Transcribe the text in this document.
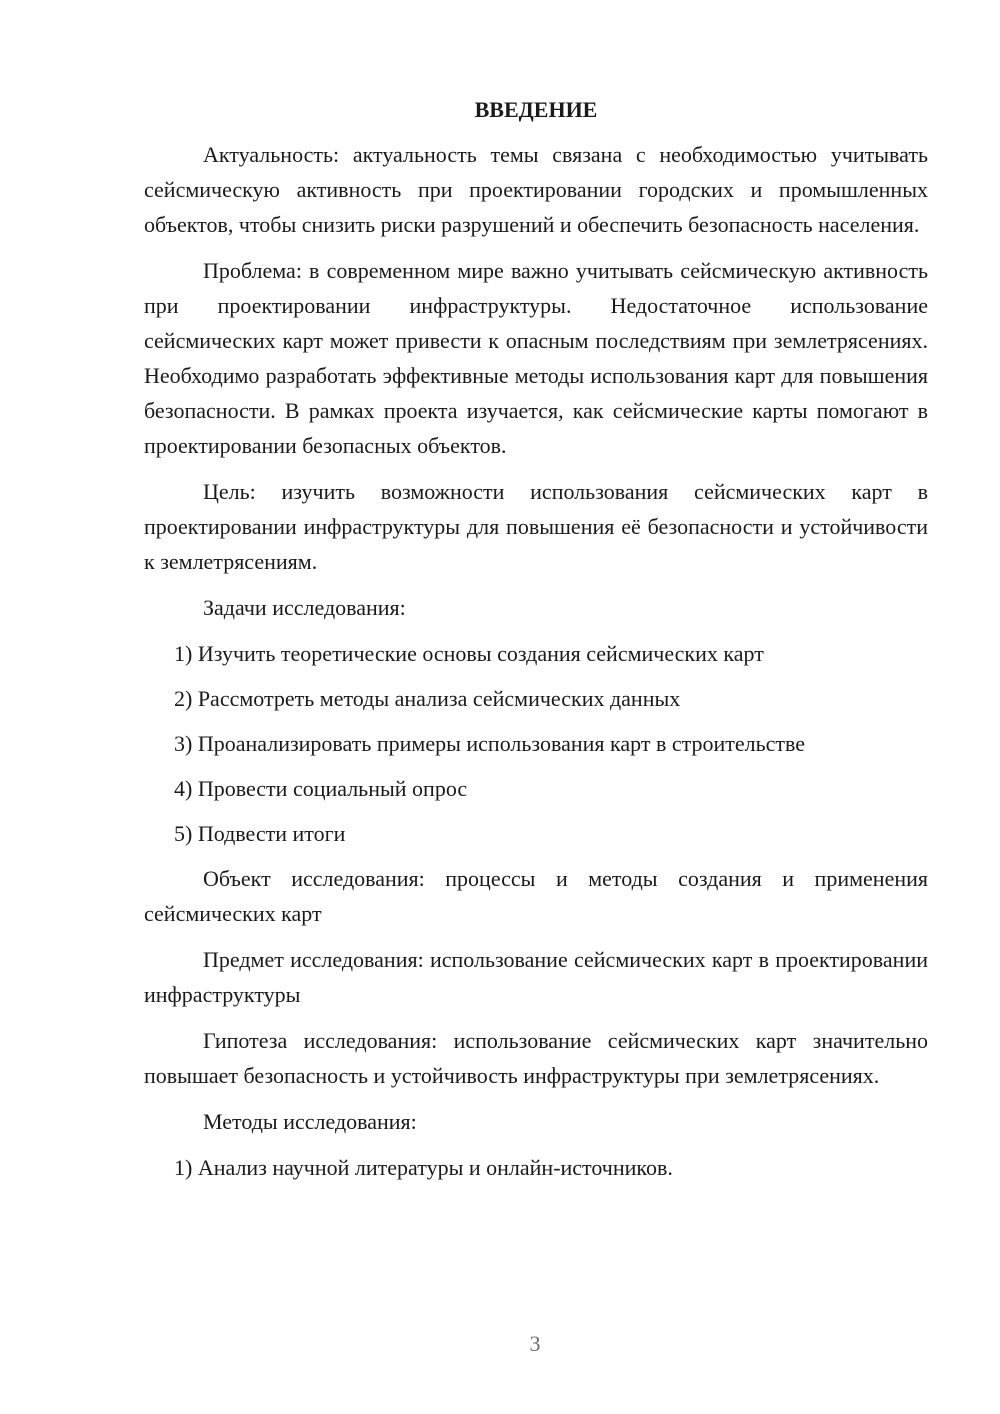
ВВЕДЕНИЕ

Актуальность: актуальность темы связана с необходимостью учитывать сейсмическую активность при проектировании городских и промышленных объектов, чтобы снизить риски разрушений и обеспечить безопасность населения.

Проблема: в современном мире важно учитывать сейсмическую активность при проектировании инфраструктуры. Недостаточное использование сейсмических карт может привести к опасным последствиям при землетрясениях. Необходимо разработать эффективные методы использования карт для повышения безопасности. В рамках проекта изучается, как сейсмические карты помогают в проектировании безопасных объектов.

Цель: изучить возможности использования сейсмических карт в проектировании инфраструктуры для повышения её безопасности и устойчивости к землетрясениям.

Задачи исследования:

1) Изучить теоретические основы создания сейсмических карт
2) Рассмотреть методы анализа сейсмических данных
3) Проанализировать примеры использования карт в строительстве
4) Провести социальный опрос
5) Подвести итоги

Объект исследования: процессы и методы создания и применения сейсмических карт

Предмет исследования: использование сейсмических карт в проектировании инфраструктуры

Гипотеза исследования: использование сейсмических карт значительно повышает безопасность и устойчивость инфраструктуры при землетрясениях.

Методы исследования:

1) Анализ научной литературы и онлайн-источников.
3
